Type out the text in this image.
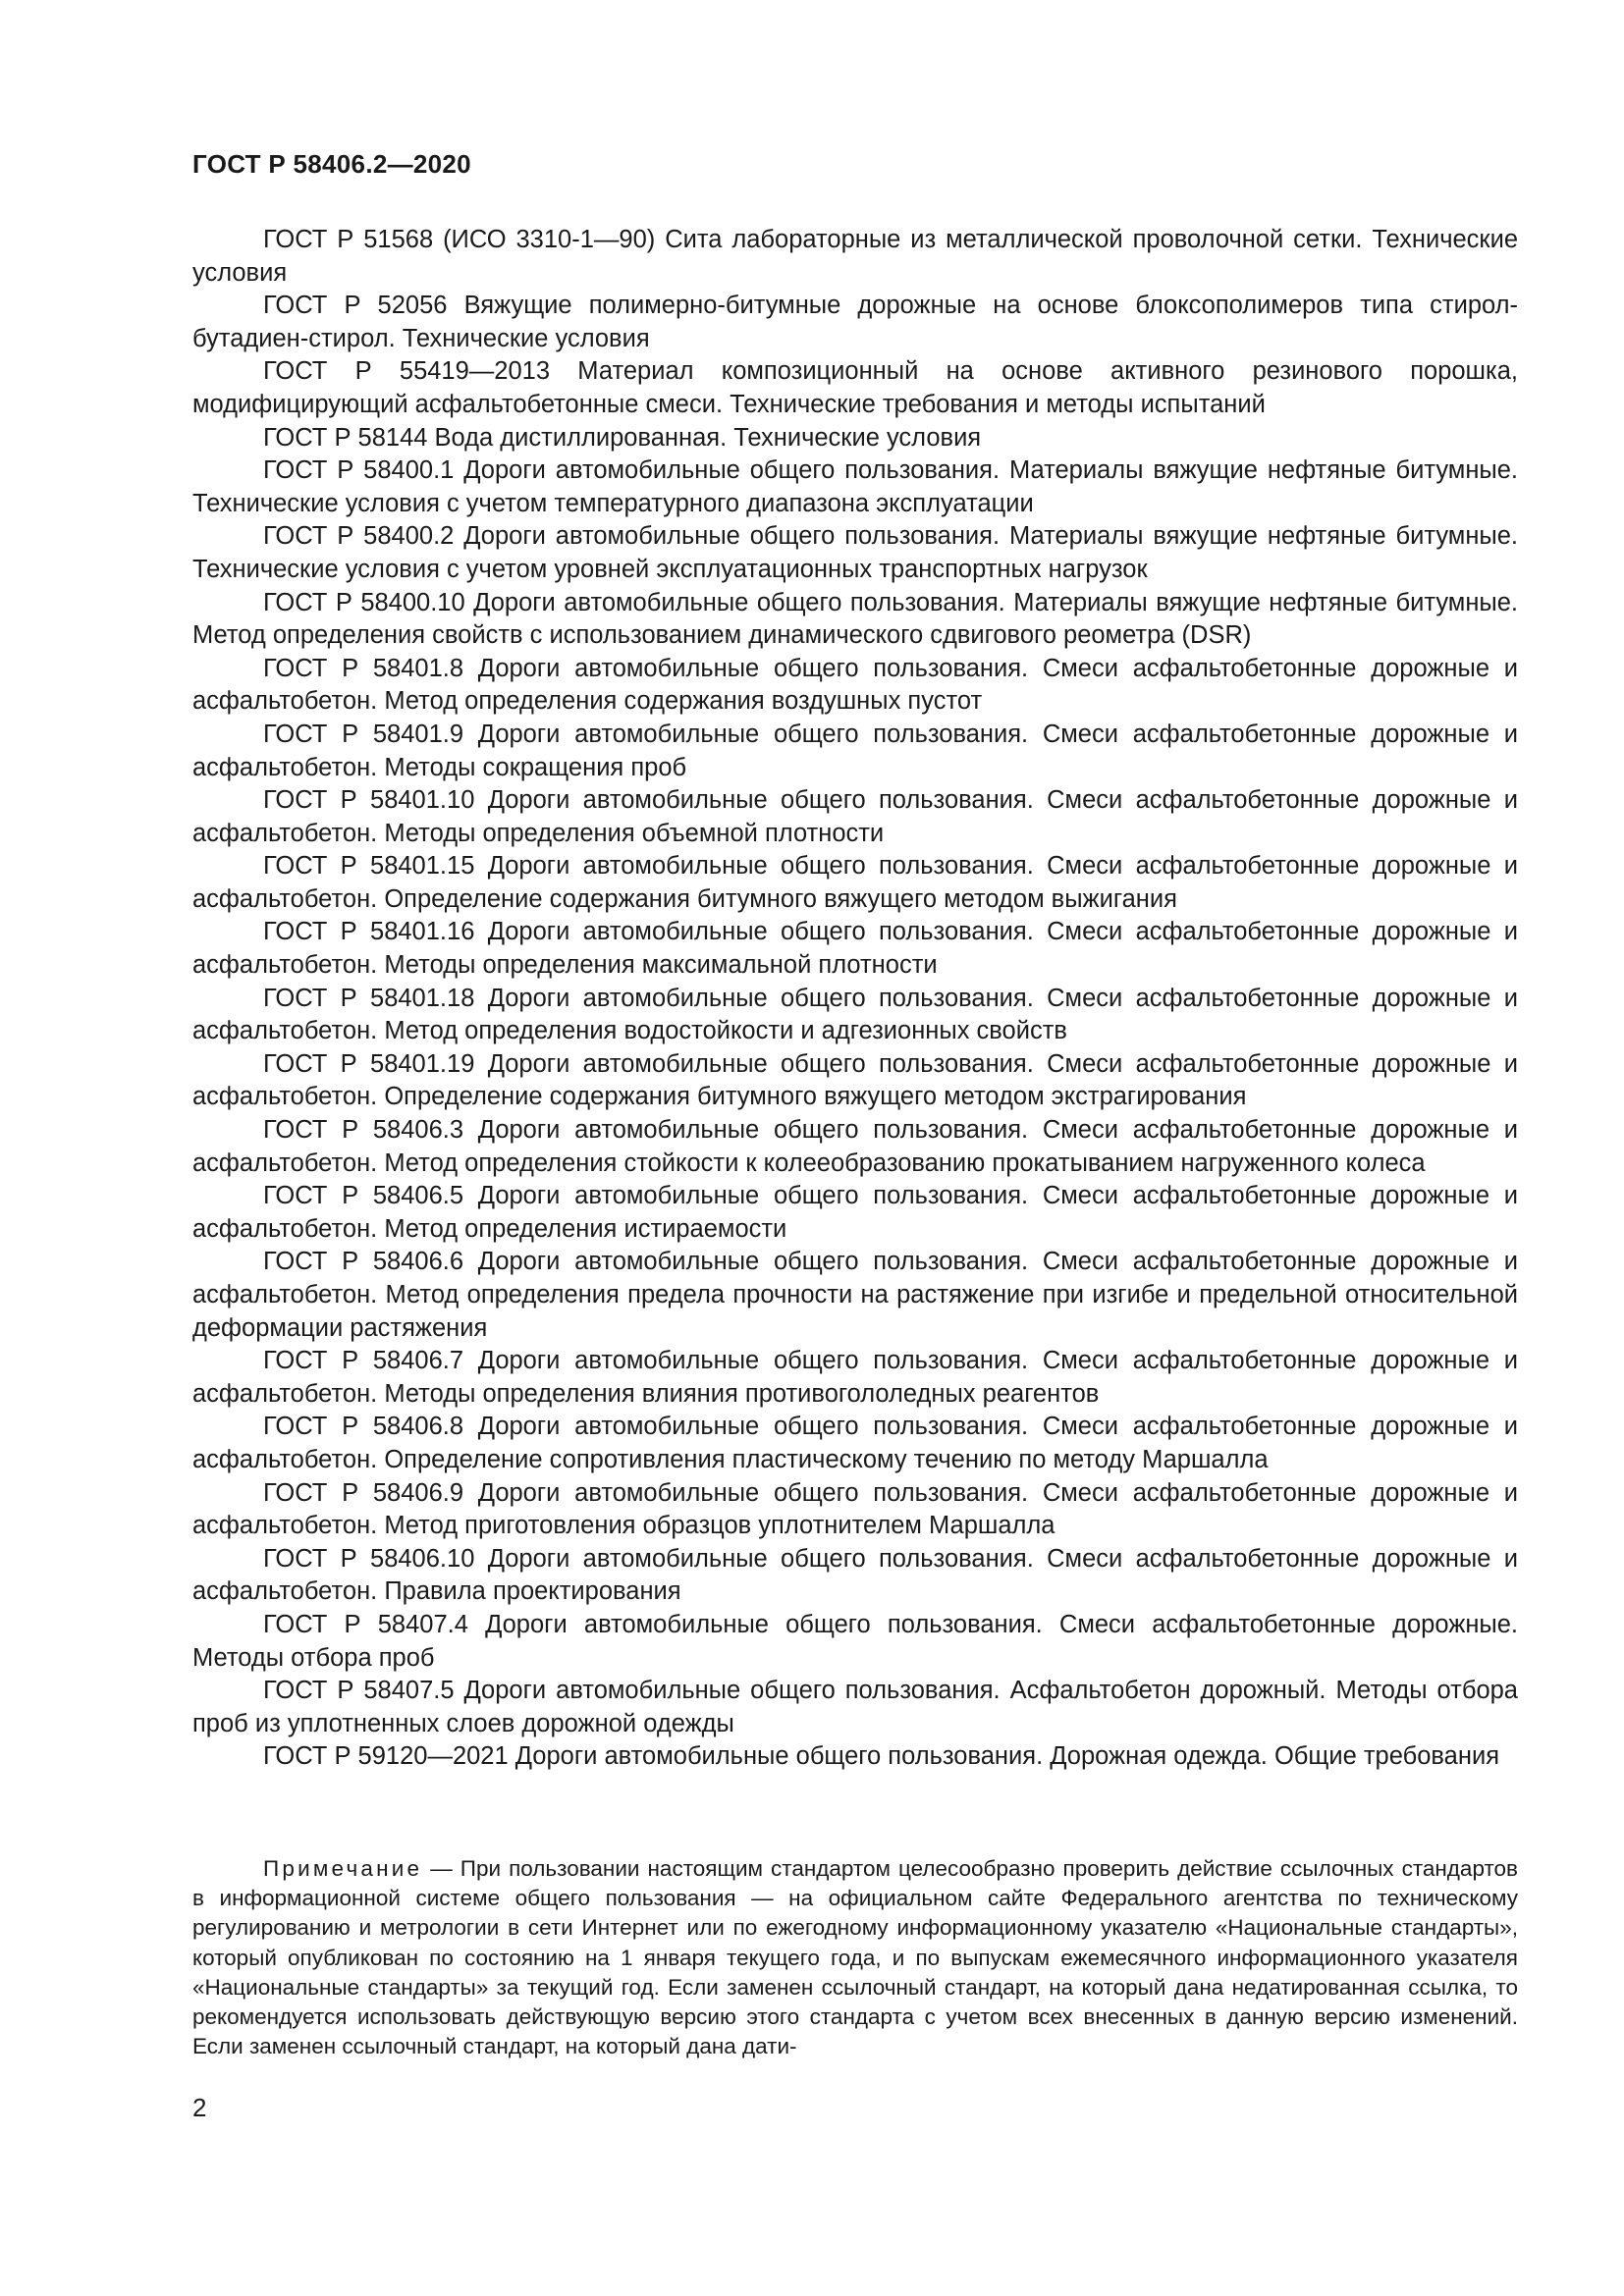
ГОСТ Р 58406.2—2020

ГОСТ Р 51568 (ИСО 3310-1—90) Сита лабораторные из металлической проволочной сетки. Технические условия

ГОСТ Р 52056 Вяжущие полимерно-битумные дорожные на основе блоксополимеров типа стирол-бутадиен-стирол. Технические условия

ГОСТ Р 55419—2013 Материал композиционный на основе активного резинового порошка, модифицирующий асфальтобетонные смеси. Технические требования и методы испытаний

ГОСТ Р 58144 Вода дистиллированная. Технические условия

ГОСТ Р 58400.1 Дороги автомобильные общего пользования. Материалы вяжущие нефтяные битумные. Технические условия с учетом температурного диапазона эксплуатации

ГОСТ Р 58400.2 Дороги автомобильные общего пользования. Материалы вяжущие нефтяные битумные. Технические условия с учетом уровней эксплуатационных транспортных нагрузок

ГОСТ Р 58400.10 Дороги автомобильные общего пользования. Материалы вяжущие нефтяные битумные. Метод определения свойств с использованием динамического сдвигового реометра (DSR)

ГОСТ Р 58401.8 Дороги автомобильные общего пользования. Смеси асфальтобетонные дорожные и асфальтобетон. Метод определения содержания воздушных пустот

ГОСТ Р 58401.9 Дороги автомобильные общего пользования. Смеси асфальтобетонные дорожные и асфальтобетон. Методы сокращения проб

ГОСТ Р 58401.10 Дороги автомобильные общего пользования. Смеси асфальтобетонные дорожные и асфальтобетон. Методы определения объемной плотности

ГОСТ Р 58401.15 Дороги автомобильные общего пользования. Смеси асфальтобетонные дорожные и асфальтобетон. Определение содержания битумного вяжущего методом выжигания

ГОСТ Р 58401.16 Дороги автомобильные общего пользования. Смеси асфальтобетонные дорожные и асфальтобетон. Методы определения максимальной плотности

ГОСТ Р 58401.18 Дороги автомобильные общего пользования. Смеси асфальтобетонные дорожные и асфальтобетон. Метод определения водостойкости и адгезионных свойств

ГОСТ Р 58401.19 Дороги автомобильные общего пользования. Смеси асфальтобетонные дорожные и асфальтобетон. Определение содержания битумного вяжущего методом экстрагирования

ГОСТ Р 58406.3 Дороги автомобильные общего пользования. Смеси асфальтобетонные дорожные и асфальтобетон. Метод определения стойкости к колееобразованию прокатыванием нагруженного колеса

ГОСТ Р 58406.5 Дороги автомобильные общего пользования. Смеси асфальтобетонные дорожные и асфальтобетон. Метод определения истираемости

ГОСТ Р 58406.6 Дороги автомобильные общего пользования. Смеси асфальтобетонные дорожные и асфальтобетон. Метод определения предела прочности на растяжение при изгибе и предельной относительной деформации растяжения

ГОСТ Р 58406.7 Дороги автомобильные общего пользования. Смеси асфальтобетонные дорожные и асфальтобетон. Методы определения влияния противогололедных реагентов

ГОСТ Р 58406.8 Дороги автомобильные общего пользования. Смеси асфальтобетонные дорожные и асфальтобетон. Определение сопротивления пластическому течению по методу Маршалла

ГОСТ Р 58406.9 Дороги автомобильные общего пользования. Смеси асфальтобетонные дорожные и асфальтобетон. Метод приготовления образцов уплотнителем Маршалла

ГОСТ Р 58406.10 Дороги автомобильные общего пользования. Смеси асфальтобетонные дорожные и асфальтобетон. Правила проектирования

ГОСТ Р 58407.4 Дороги автомобильные общего пользования. Смеси асфальтобетонные дорожные. Методы отбора проб

ГОСТ Р 58407.5 Дороги автомобильные общего пользования. Асфальтобетон дорожный. Методы отбора проб из уплотненных слоев дорожной одежды

ГОСТ Р 59120—2021 Дороги автомобильные общего пользования. Дорожная одежда. Общие требования

Примечание — При пользовании настоящим стандартом целесообразно проверить действие ссылочных стандартов в информационной системе общего пользования — на официальном сайте Федерального агентства по техническому регулированию и метрологии в сети Интернет или по ежегодному информационному указателю «Национальные стандарты», который опубликован по состоянию на 1 января текущего года, и по выпускам ежемесячного информационного указателя «Национальные стандарты» за текущий год. Если заменен ссылочный стандарт, на который дана недатированная ссылка, то рекомендуется использовать действующую версию этого стандарта с учетом всех внесенных в данную версию изменений. Если заменен ссылочный стандарт, на который дана дати-

2
